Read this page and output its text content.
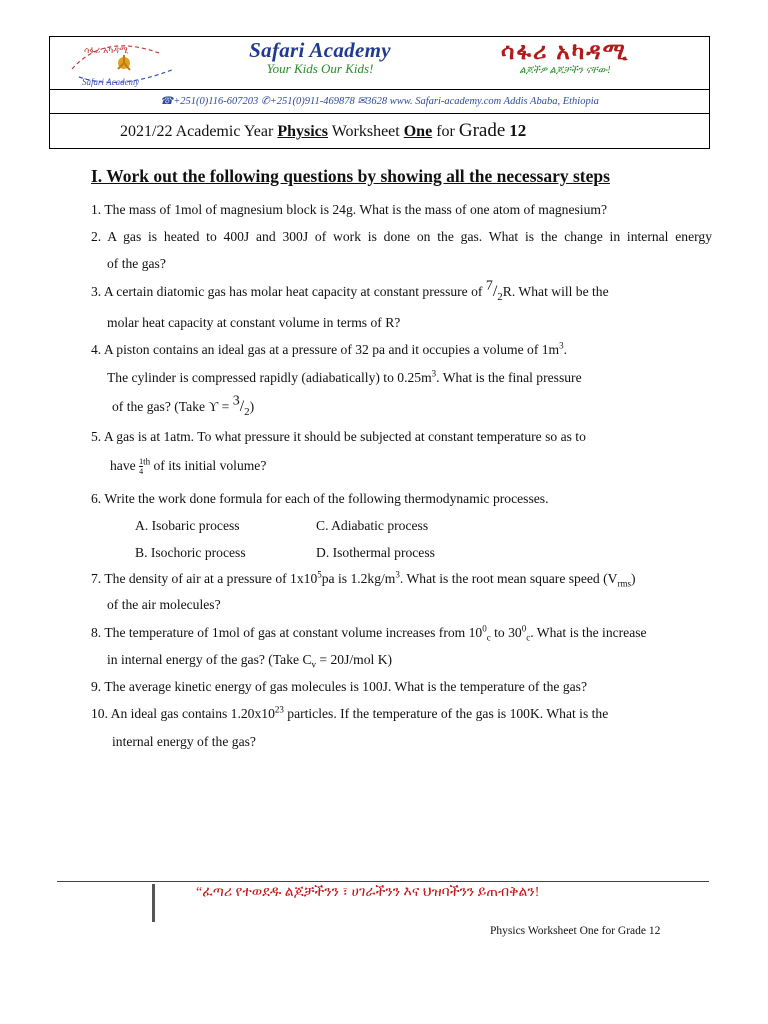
ሳፋሪ አካዳሚ
Safari Academy
Safari Academy
Your Kids Our Kids!
ሳፋሪ አካዳሚ
ልጆችዎ ልጆቻችን ናቸው!
☎+251(0)116-607203 ✆+251(0)911-469878 ✉3628 www. Safari-academy.com Addis Ababa, Ethiopia
2021/22 Academic Year Physics Worksheet One for Grade 12
I. Work out the following questions by showing all the necessary steps
1. The mass of 1mol of magnesium block is 24g. What is the mass of one atom of magnesium?
2. A gas is heated to 400J and 300J of work is done on the gas. What is the change in internal energy
of the gas?
3. A certain diatomic gas has molar heat capacity at constant pressure of $^7/_2R$. What will be the
molar heat capacity at constant volume in terms of R?
4. A piston contains an ideal gas at a pressure of 32 pa and it occupies a volume of $1m^3$.
The cylinder is compressed rapidly (adiabatically) to $0.25m^3$. What is the final pressure
of the gas? (Take $ϒ = ^3/_2$)
5. A gas is at 1atm. To what pressure it should be subjected at constant temperature so as to
have $\frac{1}{4} ^{th}$ of its initial volume?
6. Write the work done formula for each of the following thermodynamic processes.
A. Isobaric process	C. Adiabatic process
B. Isochoric process	D. Isothermal process
7. The density of air at a pressure of $1x10^5pa$ is $1.2kg/m^3$. What is the root mean square speed $(V_{rms})$
of the air molecules?
8. The temperature of 1mol of gas at constant volume increases from $10^0_c$ to $30^0_c$. What is the increase
in internal energy of the gas? (Take $C_v = 20J/mol$ K)
9. The average kinetic energy of gas molecules is 100J. What is the temperature of the gas?
10. An ideal gas contains $1.20x10^{23}$ particles. If the temperature of the gas is 100K. What is the
internal energy of the gas?
“ፈጣሪ የተወደዱ ልጆቻችንን ፣ ሀገራችንን እና ህዝባችንን ይጠብቅልን!
Physics Worksheet One for Grade 12
